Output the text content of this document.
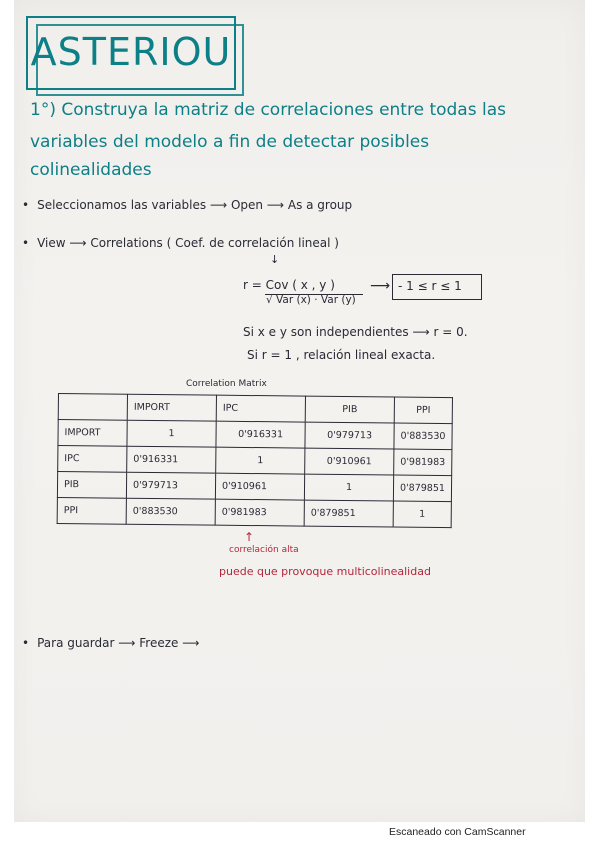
ASTERIOU
1°) Construya la matriz de correlaciones entre todas las
variables del modelo a fin de detectar posibles
colinealidades
• Seleccionamos las variables ⟶ Open ⟶ As a group
• View ⟶ Correlations ( Coef. de correlación lineal )
↓
r = Cov ( x , y )
√ Var (x) · Var (y)
⟶ - 1 ≤ r ≤ 1
Si x e y son independientes ⟶ r = 0.
Si r = 1 , relación lineal exacta.
Correlation Matrix
	IMPORT	IPC	PIB	PPI
IMPORT	1	0'916331	0'979713	0'883530
IPC	0'916331	1	0'910961	0'981983
PIB	0'979713	0'910961	1	0'879851
PPI	0'883530	0'981983	0'879851	1
↑
correlación alta
puede que provoque multicolinealidad
• Para guardar ⟶ Freeze ⟶
Escaneado con CamScanner
